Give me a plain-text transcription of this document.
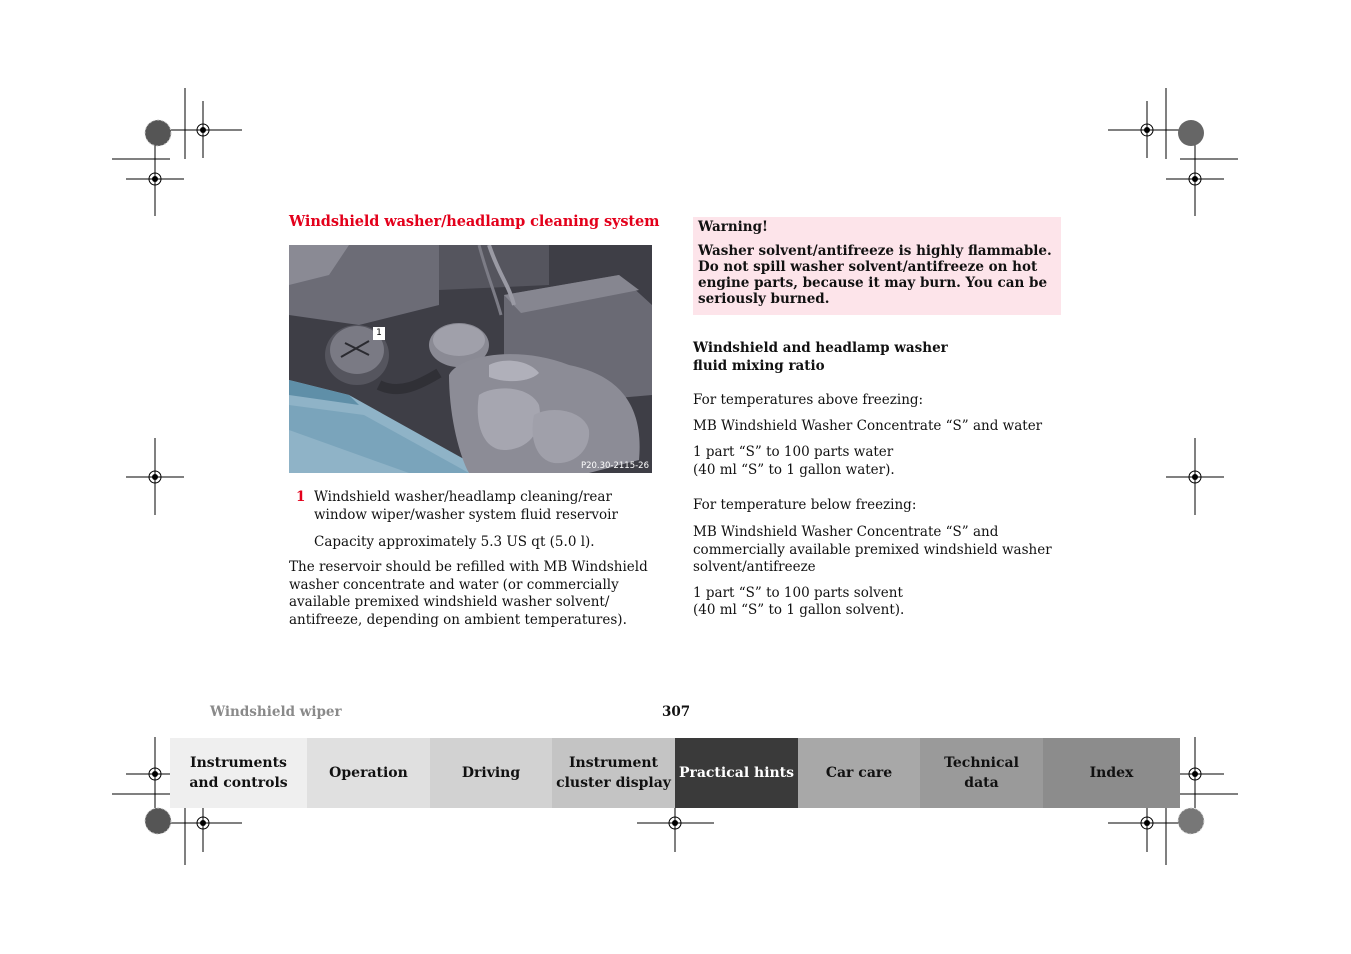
Windshield washer/headlamp cleaning system
1
P20.30-2115-26
1 Windshield washer/headlamp cleaning/rear window wiper/washer system fluid reservoir
Capacity approximately 5.3 US qt (5.0 l).
The reservoir should be refilled with MB Windshield washer concentrate and water (or commercially available premixed windshield washer solvent/ antifreeze, depending on ambient temperatures).
Warning!
Washer solvent/antifreeze is highly flammable. Do not spill washer solvent/antifreeze on hot engine parts, because it may burn. You can be seriously burned.
Windshield and headlamp washer
fluid mixing ratio
For temperatures above freezing:
MB Windshield Washer Concentrate “S” and water
1 part “S” to 100 parts water
(40 ml “S” to 1 gallon water).
For temperature below freezing:
MB Windshield Washer Concentrate “S” and commercially available premixed windshield washer solvent/antifreeze
1 part “S” to 100 parts solvent
(40 ml “S” to 1 gallon solvent).
Windshield wiper	307
Instruments
and controls
Operation	Driving
Instrument
cluster display
Practical hints Car care
Technical
data
Index
